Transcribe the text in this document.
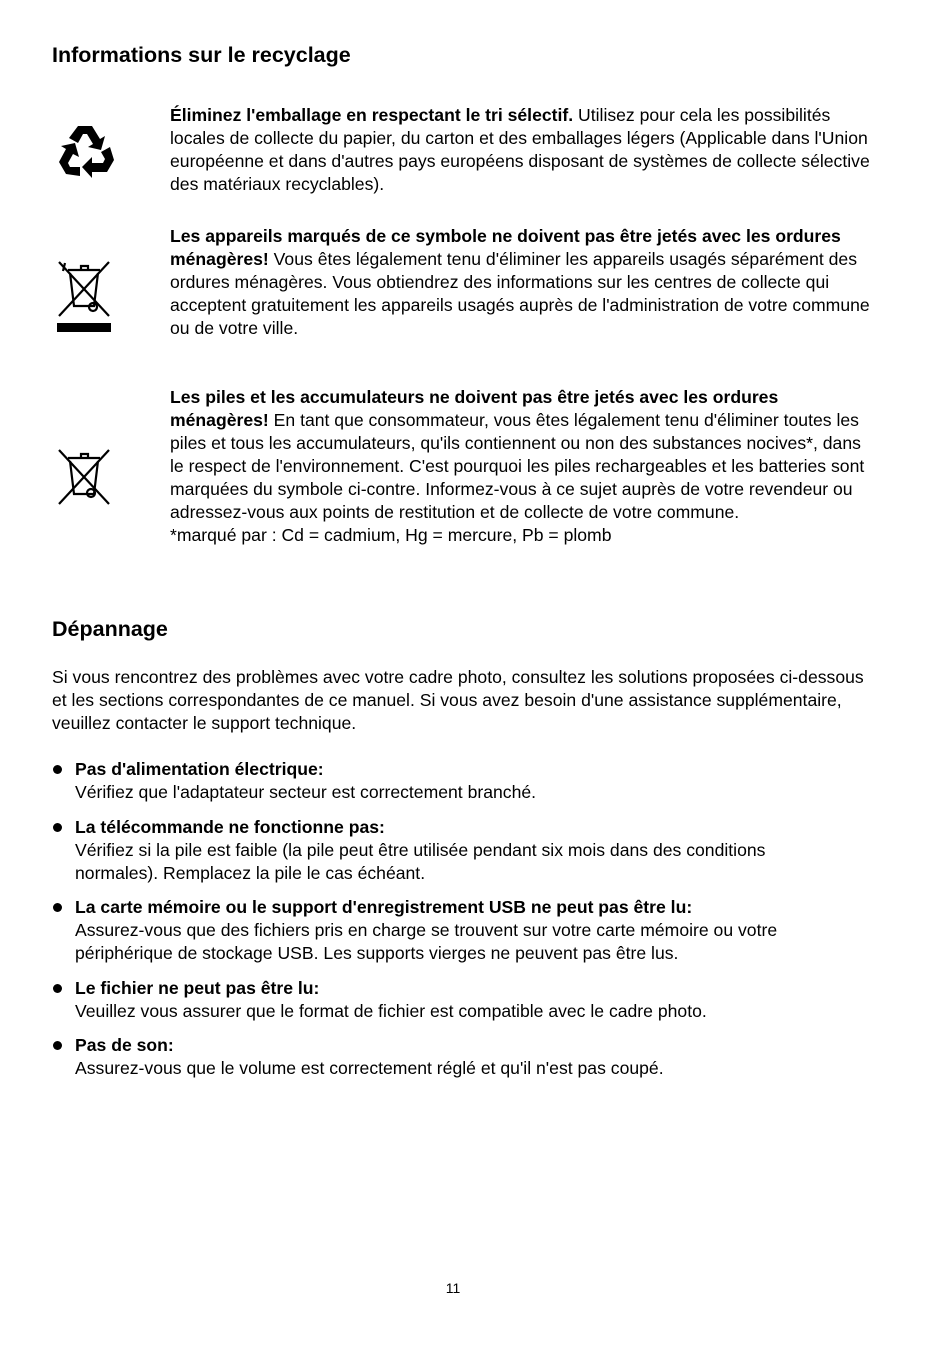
Informations sur le recyclage

Éliminez l'emballage en respectant le tri sélectif. Utilisez pour cela les possibilités locales de collecte du papier, du carton et des emballages légers (Applicable dans l'Union européenne et dans d'autres pays européens disposant de systèmes de collecte sélective des matériaux recyclables).

Les appareils marqués de ce symbole ne doivent pas être jetés avec les ordures ménagères! Vous êtes légalement tenu d'éliminer les appareils usagés séparément des ordures ménagères. Vous obtiendrez des informations sur les centres de collecte qui acceptent gratuitement les appareils usagés auprès de l'administration de votre commune ou de votre ville.

Les piles et les accumulateurs ne doivent pas être jetés avec les ordures ménagères! En tant que consommateur, vous êtes légalement tenu d'éliminer toutes les piles et tous les accumulateurs, qu'ils contiennent ou non des substances nocives*, dans le respect de l'environnement. C'est pourquoi les piles rechargeables et les batteries sont marquées du symbole ci-contre. Informez-vous à ce sujet auprès de votre revendeur ou adressez-vous aux points de restitution et de collecte de votre commune.
*marqué par : Cd = cadmium, Hg = mercure, Pb = plomb
Dépannage

Si vous rencontrez des problèmes avec votre cadre photo, consultez les solutions proposées ci-dessous et les sections correspondantes de ce manuel. Si vous avez besoin d'une assistance supplémentaire, veuillez contacter le support technique.

Pas d'alimentation électrique:
Vérifiez que l'adaptateur secteur est correctement branché.
La télécommande ne fonctionne pas:
Vérifiez si la pile est faible (la pile peut être utilisée pendant six mois dans des conditions normales). Remplacez la pile le cas échéant.
La carte mémoire ou le support d'enregistrement USB ne peut pas être lu:
Assurez-vous que des fichiers pris en charge se trouvent sur votre carte mémoire ou votre périphérique de stockage USB. Les supports vierges ne peuvent pas être lus.
Le fichier ne peut pas être lu:
Veuillez vous assurer que le format de fichier est compatible avec le cadre photo.
Pas de son:
Assurez-vous que le volume est correctement réglé et qu'il n'est pas coupé.
11
